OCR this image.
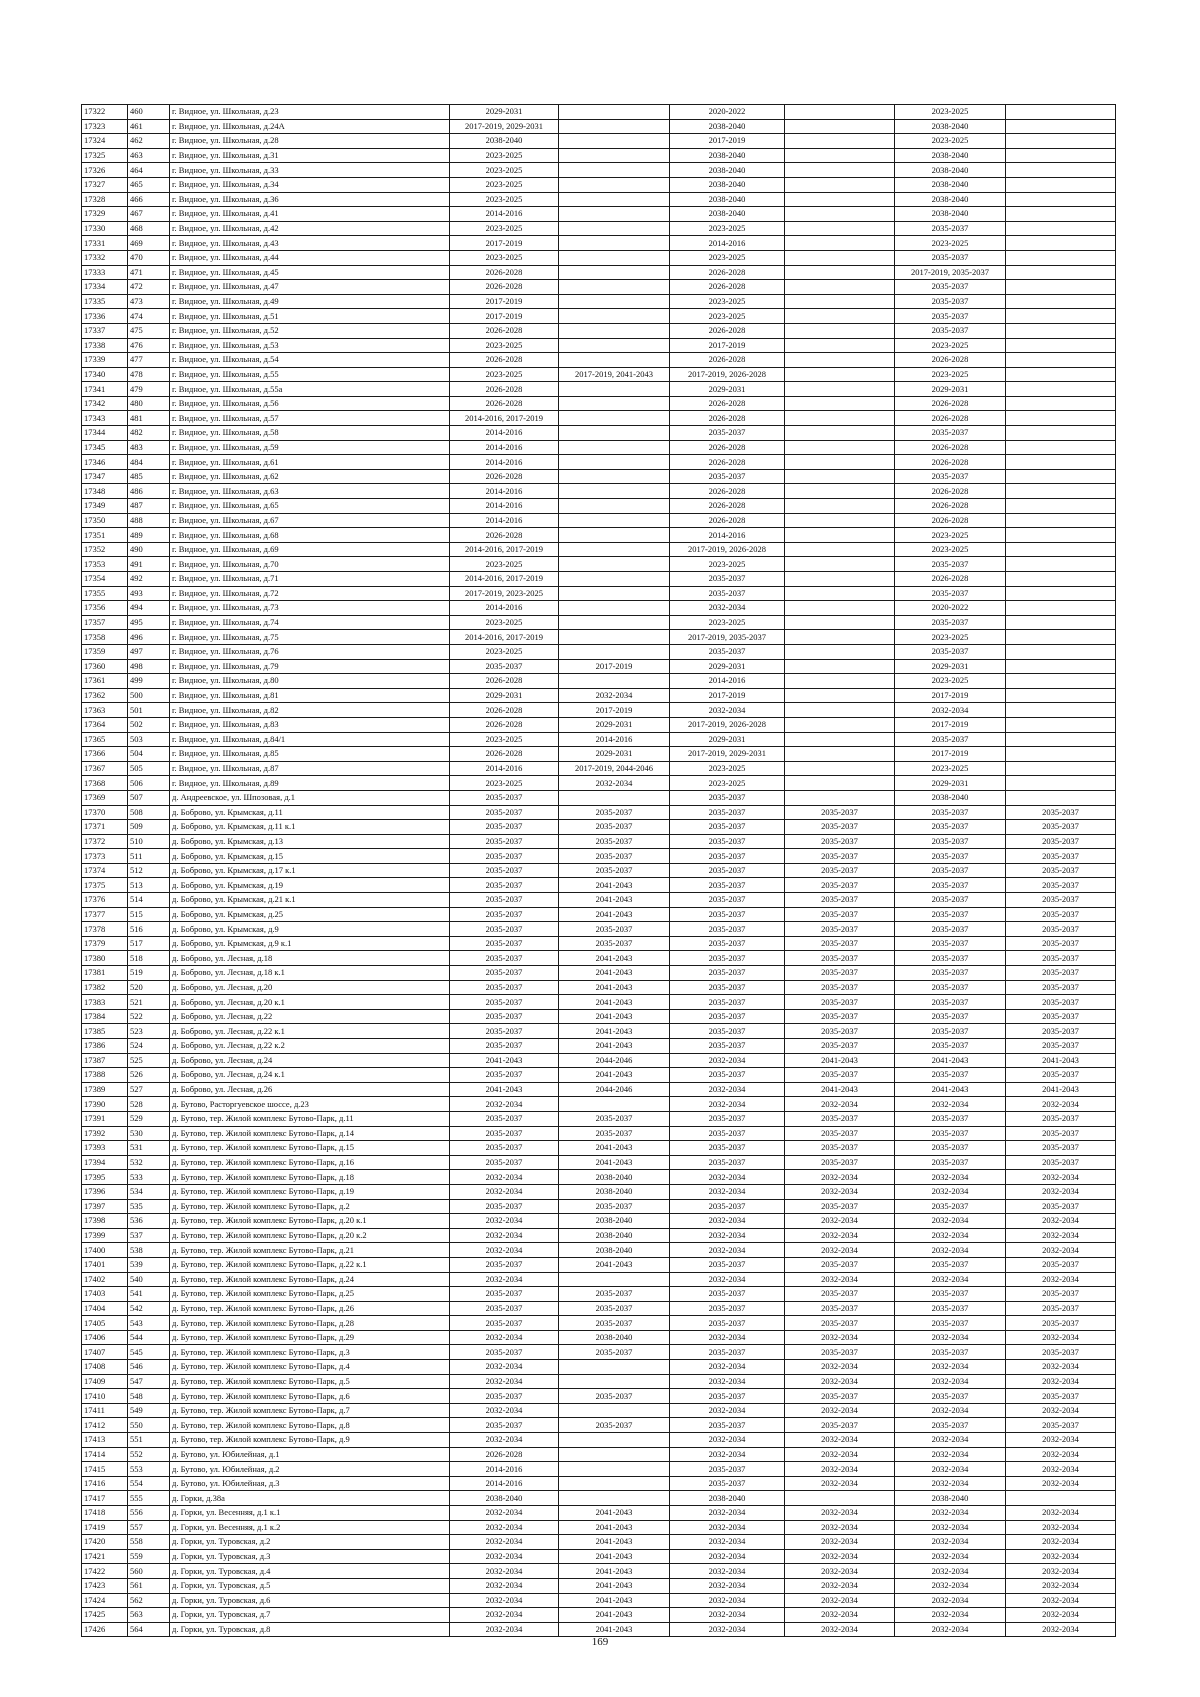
17322	460	г. Видное, ул. Школьная, д.23	2029-2031		2020-2022		2023-2025	
17323	461	г. Видное, ул. Школьная, д.24А	2017-2019, 2029-2031		2038-2040		2038-2040	
17324	462	г. Видное, ул. Школьная, д.28	2038-2040		2017-2019		2023-2025	
17325	463	г. Видное, ул. Школьная, д.31	2023-2025		2038-2040		2038-2040	
17326	464	г. Видное, ул. Школьная, д.33	2023-2025		2038-2040		2038-2040	
17327	465	г. Видное, ул. Школьная, д.34	2023-2025		2038-2040		2038-2040	
17328	466	г. Видное, ул. Школьная, д.36	2023-2025		2038-2040		2038-2040	
17329	467	г. Видное, ул. Школьная, д.41	2014-2016		2038-2040		2038-2040	
17330	468	г. Видное, ул. Школьная, д.42	2023-2025		2023-2025		2035-2037	
17331	469	г. Видное, ул. Школьная, д.43	2017-2019		2014-2016		2023-2025	
17332	470	г. Видное, ул. Школьная, д.44	2023-2025		2023-2025		2035-2037	
17333	471	г. Видное, ул. Школьная, д.45	2026-2028		2026-2028		2017-2019, 2035-2037	
17334	472	г. Видное, ул. Школьная, д.47	2026-2028		2026-2028		2035-2037	
17335	473	г. Видное, ул. Школьная, д.49	2017-2019		2023-2025		2035-2037	
17336	474	г. Видное, ул. Школьная, д.51	2017-2019		2023-2025		2035-2037	
17337	475	г. Видное, ул. Школьная, д.52	2026-2028		2026-2028		2035-2037	
17338	476	г. Видное, ул. Школьная, д.53	2023-2025		2017-2019		2023-2025	
17339	477	г. Видное, ул. Школьная, д.54	2026-2028		2026-2028		2026-2028	
17340	478	г. Видное, ул. Школьная, д.55	2023-2025	2017-2019, 2041-2043	2017-2019, 2026-2028		2023-2025	
17341	479	г. Видное, ул. Школьная, д.55а	2026-2028		2029-2031		2029-2031	
17342	480	г. Видное, ул. Школьная, д.56	2026-2028		2026-2028		2026-2028	
17343	481	г. Видное, ул. Школьная, д.57	2014-2016, 2017-2019		2026-2028		2026-2028	
17344	482	г. Видное, ул. Школьная, д.58	2014-2016		2035-2037		2035-2037	
17345	483	г. Видное, ул. Школьная, д.59	2014-2016		2026-2028		2026-2028	
17346	484	г. Видное, ул. Школьная, д.61	2014-2016		2026-2028		2026-2028	
17347	485	г. Видное, ул. Школьная, д.62	2026-2028		2035-2037		2035-2037	
17348	486	г. Видное, ул. Школьная, д.63	2014-2016		2026-2028		2026-2028	
17349	487	г. Видное, ул. Школьная, д.65	2014-2016		2026-2028		2026-2028	
17350	488	г. Видное, ул. Школьная, д.67	2014-2016		2026-2028		2026-2028	
17351	489	г. Видное, ул. Школьная, д.68	2026-2028		2014-2016		2023-2025	
17352	490	г. Видное, ул. Школьная, д.69	2014-2016, 2017-2019		2017-2019, 2026-2028		2023-2025	
17353	491	г. Видное, ул. Школьная, д.70	2023-2025		2023-2025		2035-2037	
17354	492	г. Видное, ул. Школьная, д.71	2014-2016, 2017-2019		2035-2037		2026-2028	
17355	493	г. Видное, ул. Школьная, д.72	2017-2019, 2023-2025		2035-2037		2035-2037	
17356	494	г. Видное, ул. Школьная, д.73	2014-2016		2032-2034		2020-2022	
17357	495	г. Видное, ул. Школьная, д.74	2023-2025		2023-2025		2035-2037	
17358	496	г. Видное, ул. Школьная, д.75	2014-2016, 2017-2019		2017-2019, 2035-2037		2023-2025	
17359	497	г. Видное, ул. Школьная, д.76	2023-2025		2035-2037		2035-2037	
17360	498	г. Видное, ул. Школьная, д.79	2035-2037	2017-2019	2029-2031		2029-2031	
17361	499	г. Видное, ул. Школьная, д.80	2026-2028		2014-2016		2023-2025	
17362	500	г. Видное, ул. Школьная, д.81	2029-2031	2032-2034	2017-2019		2017-2019	
17363	501	г. Видное, ул. Школьная, д.82	2026-2028	2017-2019	2032-2034		2032-2034	
17364	502	г. Видное, ул. Школьная, д.83	2026-2028	2029-2031	2017-2019, 2026-2028		2017-2019	
17365	503	г. Видное, ул. Школьная, д.84/1	2023-2025	2014-2016	2029-2031		2035-2037	
17366	504	г. Видное, ул. Школьная, д.85	2026-2028	2029-2031	2017-2019, 2029-2031		2017-2019	
17367	505	г. Видное, ул. Школьная, д.87	2014-2016	2017-2019, 2044-2046	2023-2025		2023-2025	
17368	506	г. Видное, ул. Школьная, д.89	2023-2025	2032-2034	2023-2025		2029-2031	
17369	507	д. Андреевское, ул. Шпозовая, д.1	2035-2037		2035-2037		2038-2040	
17370	508	д. Боброво, ул. Крымская, д.11	2035-2037	2035-2037	2035-2037	2035-2037	2035-2037	2035-2037
17371	509	д. Боброво, ул. Крымская, д.11 к.1	2035-2037	2035-2037	2035-2037	2035-2037	2035-2037	2035-2037
17372	510	д. Боброво, ул. Крымская, д.13	2035-2037	2035-2037	2035-2037	2035-2037	2035-2037	2035-2037
17373	511	д. Боброво, ул. Крымская, д.15	2035-2037	2035-2037	2035-2037	2035-2037	2035-2037	2035-2037
17374	512	д. Боброво, ул. Крымская, д.17 к.1	2035-2037	2035-2037	2035-2037	2035-2037	2035-2037	2035-2037
17375	513	д. Боброво, ул. Крымская, д.19	2035-2037	2041-2043	2035-2037	2035-2037	2035-2037	2035-2037
17376	514	д. Боброво, ул. Крымская, д.21 к.1	2035-2037	2041-2043	2035-2037	2035-2037	2035-2037	2035-2037
17377	515	д. Боброво, ул. Крымская, д.25	2035-2037	2041-2043	2035-2037	2035-2037	2035-2037	2035-2037
17378	516	д. Боброво, ул. Крымская, д.9	2035-2037	2035-2037	2035-2037	2035-2037	2035-2037	2035-2037
17379	517	д. Боброво, ул. Крымская, д.9 к.1	2035-2037	2035-2037	2035-2037	2035-2037	2035-2037	2035-2037
17380	518	д. Боброво, ул. Лесная, д.18	2035-2037	2041-2043	2035-2037	2035-2037	2035-2037	2035-2037
17381	519	д. Боброво, ул. Лесная, д.18 к.1	2035-2037	2041-2043	2035-2037	2035-2037	2035-2037	2035-2037
17382	520	д. Боброво, ул. Лесная, д.20	2035-2037	2041-2043	2035-2037	2035-2037	2035-2037	2035-2037
17383	521	д. Боброво, ул. Лесная, д.20 к.1	2035-2037	2041-2043	2035-2037	2035-2037	2035-2037	2035-2037
17384	522	д. Боброво, ул. Лесная, д.22	2035-2037	2041-2043	2035-2037	2035-2037	2035-2037	2035-2037
17385	523	д. Боброво, ул. Лесная, д.22 к.1	2035-2037	2041-2043	2035-2037	2035-2037	2035-2037	2035-2037
17386	524	д. Боброво, ул. Лесная, д.22 к.2	2035-2037	2041-2043	2035-2037	2035-2037	2035-2037	2035-2037
17387	525	д. Боброво, ул. Лесная, д.24	2041-2043	2044-2046	2032-2034	2041-2043	2041-2043	2041-2043
17388	526	д. Боброво, ул. Лесная, д.24 к.1	2035-2037	2041-2043	2035-2037	2035-2037	2035-2037	2035-2037
17389	527	д. Боброво, ул. Лесная, д.26	2041-2043	2044-2046	2032-2034	2041-2043	2041-2043	2041-2043
17390	528	д. Бутово, Расторгуевское шоссе, д.23	2032-2034		2032-2034	2032-2034	2032-2034	2032-2034
17391	529	д. Бутово, тер. Жилой комплекс Бутово-Парк, д.11	2035-2037	2035-2037	2035-2037	2035-2037	2035-2037	2035-2037
17392	530	д. Бутово, тер. Жилой комплекс Бутово-Парк, д.14	2035-2037	2035-2037	2035-2037	2035-2037	2035-2037	2035-2037
17393	531	д. Бутово, тер. Жилой комплекс Бутово-Парк, д.15	2035-2037	2041-2043	2035-2037	2035-2037	2035-2037	2035-2037
17394	532	д. Бутово, тер. Жилой комплекс Бутово-Парк, д.16	2035-2037	2041-2043	2035-2037	2035-2037	2035-2037	2035-2037
17395	533	д. Бутово, тер. Жилой комплекс Бутово-Парк, д.18	2032-2034	2038-2040	2032-2034	2032-2034	2032-2034	2032-2034
17396	534	д. Бутово, тер. Жилой комплекс Бутово-Парк, д.19	2032-2034	2038-2040	2032-2034	2032-2034	2032-2034	2032-2034
17397	535	д. Бутово, тер. Жилой комплекс Бутово-Парк, д.2	2035-2037	2035-2037	2035-2037	2035-2037	2035-2037	2035-2037
17398	536	д. Бутово, тер. Жилой комплекс Бутово-Парк, д.20 к.1	2032-2034	2038-2040	2032-2034	2032-2034	2032-2034	2032-2034
17399	537	д. Бутово, тер. Жилой комплекс Бутово-Парк, д.20 к.2	2032-2034	2038-2040	2032-2034	2032-2034	2032-2034	2032-2034
17400	538	д. Бутово, тер. Жилой комплекс Бутово-Парк, д.21	2032-2034	2038-2040	2032-2034	2032-2034	2032-2034	2032-2034
17401	539	д. Бутово, тер. Жилой комплекс Бутово-Парк, д.22 к.1	2035-2037	2041-2043	2035-2037	2035-2037	2035-2037	2035-2037
17402	540	д. Бутово, тер. Жилой комплекс Бутово-Парк, д.24	2032-2034		2032-2034	2032-2034	2032-2034	2032-2034
17403	541	д. Бутово, тер. Жилой комплекс Бутово-Парк, д.25	2035-2037	2035-2037	2035-2037	2035-2037	2035-2037	2035-2037
17404	542	д. Бутово, тер. Жилой комплекс Бутово-Парк, д.26	2035-2037	2035-2037	2035-2037	2035-2037	2035-2037	2035-2037
17405	543	д. Бутово, тер. Жилой комплекс Бутово-Парк, д.28	2035-2037	2035-2037	2035-2037	2035-2037	2035-2037	2035-2037
17406	544	д. Бутово, тер. Жилой комплекс Бутово-Парк, д.29	2032-2034	2038-2040	2032-2034	2032-2034	2032-2034	2032-2034
17407	545	д. Бутово, тер. Жилой комплекс Бутово-Парк, д.3	2035-2037	2035-2037	2035-2037	2035-2037	2035-2037	2035-2037
17408	546	д. Бутово, тер. Жилой комплекс Бутово-Парк, д.4	2032-2034		2032-2034	2032-2034	2032-2034	2032-2034
17409	547	д. Бутово, тер. Жилой комплекс Бутово-Парк, д.5	2032-2034		2032-2034	2032-2034	2032-2034	2032-2034
17410	548	д. Бутово, тер. Жилой комплекс Бутово-Парк, д.6	2035-2037	2035-2037	2035-2037	2035-2037	2035-2037	2035-2037
17411	549	д. Бутово, тер. Жилой комплекс Бутово-Парк, д.7	2032-2034		2032-2034	2032-2034	2032-2034	2032-2034
17412	550	д. Бутово, тер. Жилой комплекс Бутово-Парк, д.8	2035-2037	2035-2037	2035-2037	2035-2037	2035-2037	2035-2037
17413	551	д. Бутово, тер. Жилой комплекс Бутово-Парк, д.9	2032-2034		2032-2034	2032-2034	2032-2034	2032-2034
17414	552	д. Бутово, ул. Юбилейная, д.1	2026-2028		2032-2034	2032-2034	2032-2034	2032-2034
17415	553	д. Бутово, ул. Юбилейная, д.2	2014-2016		2035-2037	2032-2034	2032-2034	2032-2034
17416	554	д. Бутово, ул. Юбилейная, д.3	2014-2016		2035-2037	2032-2034	2032-2034	2032-2034
17417	555	д. Горки, д.38а	2038-2040		2038-2040		2038-2040	
17418	556	д. Горки, ул. Весенняя, д.1 к.1	2032-2034	2041-2043	2032-2034	2032-2034	2032-2034	2032-2034
17419	557	д. Горки, ул. Весенняя, д.1 к.2	2032-2034	2041-2043	2032-2034	2032-2034	2032-2034	2032-2034
17420	558	д. Горки, ул. Туровская, д.2	2032-2034	2041-2043	2032-2034	2032-2034	2032-2034	2032-2034
17421	559	д. Горки, ул. Туровская, д.3	2032-2034	2041-2043	2032-2034	2032-2034	2032-2034	2032-2034
17422	560	д. Горки, ул. Туровская, д.4	2032-2034	2041-2043	2032-2034	2032-2034	2032-2034	2032-2034
17423	561	д. Горки, ул. Туровская, д.5	2032-2034	2041-2043	2032-2034	2032-2034	2032-2034	2032-2034
17424	562	д. Горки, ул. Туровская, д.6	2032-2034	2041-2043	2032-2034	2032-2034	2032-2034	2032-2034
17425	563	д. Горки, ул. Туровская, д.7	2032-2034	2041-2043	2032-2034	2032-2034	2032-2034	2032-2034
17426	564	д. Горки, ул. Туровская, д.8	2032-2034	2041-2043	2032-2034	2032-2034	2032-2034	2032-2034
169
